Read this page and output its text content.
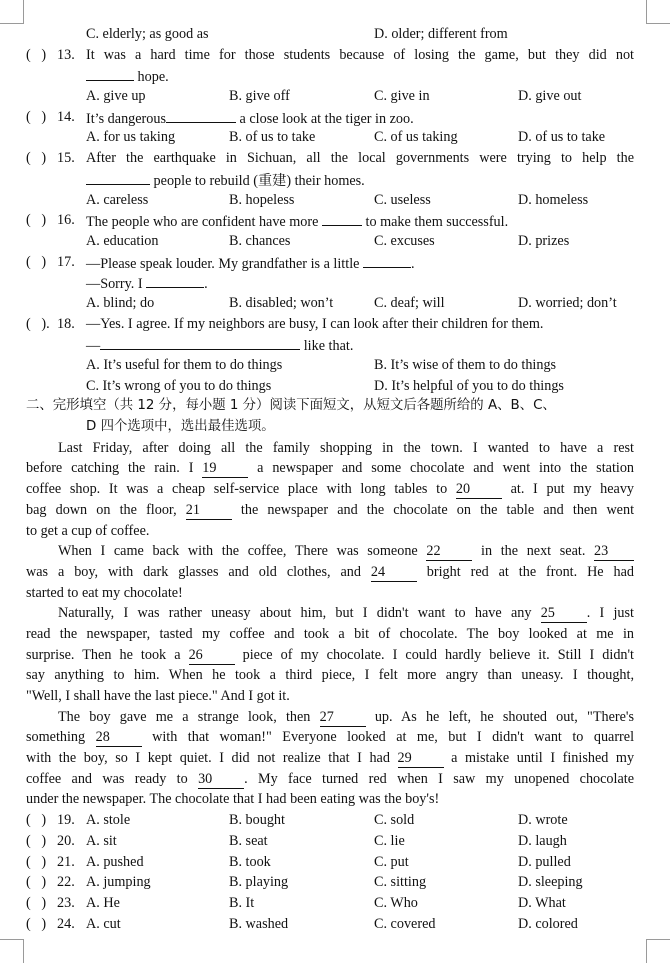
C. elderly; as good as	D. older; different from
( ) 13. It was a hard time for those students because of losing the game, but they did not
hope.
A. give up	B. give off	C. give in	D. give out
( ) 14. It’s dangerous	a close look at the tiger in zoo.
A. for us taking	B. of us to take	C. of us taking	D. of us to take
( ) 15. After the earthquake in Sichuan, all the local governments were trying to help the
people to rebuild (重建) their homes.
A. careless	B. hopeless	C. useless	D. homeless
( ) 16. The people who are confident have more	to make them successful.
A. education	B. chances	C. excuses	D. prizes
( ) 17. —Please speak louder. My grandfather is a little	.
—Sorry. I	.
A. blind; do	B. disabled; won’t	C. deaf; will	D. worried; don’t
( ). 18. —Yes. I agree. If my neighbors are busy, I can look after their children for them.
—	like that.
A. It’s useful for them to do things	B. It’s wise of them to do things
C. It’s wrong of you to do things	D. It’s helpful of you to do things
二、完形填空（共 12 分，每小题 1 分）阅读下面短文，从短文后各题所给的 A、B、C、
D 四个选项中，选出最佳选项。
Last Friday, after doing all the family shopping in the town. I wanted to have a rest
before catching the rain. I 19	a newspaper and some chocolate and went into the station
coffee shop. It was a cheap self-service place with long tables to 20	at. I put my heavy
bag down on the floor, 21	the newspaper and the chocolate on the table and then went
to get a cup of coffee.
When I came back with the coffee, There was someone 22	in the next seat. 23
was a boy, with dark glasses and old clothes, and 24	bright red at the front. He had
started to eat my chocolate!
Naturally, I was rather uneasy about him, but I didn't want to have any 25 . I just
read the newspaper, tasted my coffee and took a bit of chocolate. The boy looked at me in
surprise. Then he took a 26	piece of my chocolate. I could hardly believe it. Still I didn't
say anything to him. When he took a third piece, I felt more angry than uneasy. I thought,
"Well, I shall have the last piece." And I got it.
The boy gave me a strange look, then 27	up. As he left, he shouted out, "There's
something 28	with that woman!" Everyone looked at me, but I didn't want to quarrel
with the boy, so I kept quiet. I did not realize that I had 29	a mistake until I finished my
coffee and was ready to 30 . My face turned red when I saw my unopened chocolate
under the newspaper. The chocolate that I had been eating was the boy's!
( ) 19. A. stole	B. bought	C. sold	D. wrote
( ) 20. A. sit	B. seat	C. lie	D. laugh
( ) 21. A. pushed	B. took	C. put	D. pulled
( ) 22. A. jumping	B. playing	C. sitting	D. sleeping
( ) 23. A. He	B. It	C. Who	D. What
( ) 24. A. cut	B. washed	C. covered	D. colored
